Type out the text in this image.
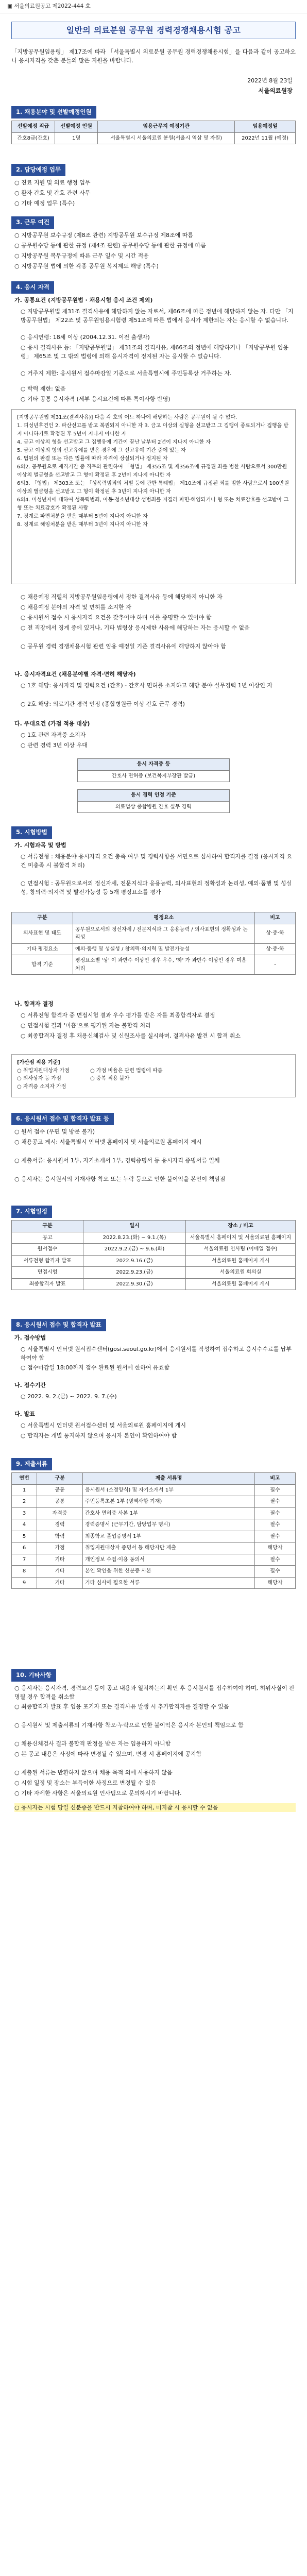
▣ 서울의료원공고 제2022-444 호
일반의 의료분원 공무원 경력경쟁채용시험 공고
「지방공무원임용령」 제17조에 따라 「서울특별시 의료분원 공무원 경력경쟁채용시험」을 다음과 같이 공고하오니 응시자격을 갖춘 분들의 많은 지원을 바랍니다.
2022년 8월 23일
서울의료원장
1. 채용분야 및 선발예정인원
선발예정 직급	선발예정 인원	임용근무지 예정기관	임용예정일
간호8급(간호)	1명	서울특별시 서울의료원 분원(서울시 역삼 및 자원)	2022년 11월 (예정)
2. 담당예정 업무
○ 진료 지원 및 의료 행정 업무
○ 환자 간호 및 간호 관련 사무
○ 기타 예정 업무 (특수)
3. 근무 여건
○ 지방공무원 보수규정 (제8조 관련) 지방공무원 보수규정 제8조에 따름
○ 공무원수당 등에 관한 규정 (제4조 관련) 공무원수당 등에 관한 규정에 따름
○ 지방공무원 복무규정에 따른 근무 일수 및 시간 적용
○ 지방공무원 법에 의한 각종 공무원 복지제도 해당 (특수)
4. 응시 자격
가. 공통요건 (지방공무원법 · 채용시험 응시 조건 제외)
○ 지방공무원법 제31조 결격사유에 해당하지 않는 자로서, 제66조에 따른 정년에 해당하지 않는 자. 다만 「지방공무원법」 제22조 및 공무원임용시험령 제51조에 따른 법에서 응시가 제한되는 자는 응시할 수 없습니다.
○ 응시연령: 18세 이상 (2004.12.31. 이전 출생자)
○ 응시 결격사유 등: 「지방공무원법」 제31조의 결격사유, 제66조의 정년에 해당하거나 「지방공무원 임용령」 제65조 및 그 밖의 법령에 의해 응시자격이 정지된 자는 응시할 수 없습니다.
○ 거주지 제한: 응시원서 접수마감일 기준으로 서울특별시에 주민등록상 거주하는 자.
○ 학력 제한: 없음
○ 기타 공통 응시자격 (세부 응시요건에 따른 특이사항 반영)
[지방공무원법 제31조(결격사유)] 다음 각 호의 어느 하나에 해당하는 사람은 공무원이 될 수 없다.
1. 피성년후견인 2. 파산선고를 받고 복권되지 아니한 자 3. 금고 이상의 실형을 선고받고 그 집행이 종료되거나 집행을 받지 아니하기로 확정된 후 5년이 지나지 아니한 자
4. 금고 이상의 형을 선고받고 그 집행유예 기간이 끝난 날부터 2년이 지나지 아니한 자
5. 금고 이상의 형의 선고유예를 받은 경우에 그 선고유예 기간 중에 있는 자
6. 법원의 판결 또는 다른 법률에 따라 자격이 상실되거나 정지된 자
6의2. 공무원으로 재직기간 중 직무와 관련하여 「형법」 제355조 및 제356조에 규정된 죄를 범한 사람으로서 300만원 이상의 벌금형을 선고받고 그 형이 확정된 후 2년이 지나지 아니한 자
6의3. 「형법」 제303조 또는 「성폭력범죄의 처벌 등에 관한 특례법」 제10조에 규정된 죄를 범한 사람으로서 100만원 이상의 벌금형을 선고받고 그 형이 확정된 후 3년이 지나지 아니한 자
6의4. 미성년자에 대하여 성폭력범죄, 아동·청소년대상 성범죄를 저질러 파면·해임되거나 형 또는 치료감호를 선고받아 그 형 또는 치료감호가 확정된 사람
7. 징계로 파면처분을 받은 때부터 5년이 지나지 아니한 자
8. 징계로 해임처분을 받은 때부터 3년이 지나지 아니한 자
○ 채용예정 직렬의 지방공무원임용령에서 정한 결격사유 등에 해당하지 아니한 자
○ 채용예정 분야의 자격 및 면허를 소지한 자
○ 응시원서 접수 시 응시자격 요건을 갖추어야 하며 이를 증명할 수 있어야 함
○ 전 직장에서 징계 중에 있거나, 기타 법령상 응시제한 사유에 해당하는 자는 응시할 수 없음
○ 공무원 경력 경쟁채용시험 관련 임용 예정일 기준 결격사유에 해당하지 않아야 함
나. 응시자격요건 (채용분야별 자격·면허 해당자)
○ 1호 해당: 응시자격 및 경력요건 (간호) - 간호사 면허를 소지하고 해당 분야 실무경력 1년 이상인 자
○ 2호 해당: 의료기관 경력 인정 (종합병원급 이상 간호 근무 경력)
다. 우대요건 (가점 적용 대상)
○ 1호 관련 자격증 소지자
○ 관련 경력 3년 이상 우대
응시 자격증 등
간호사 면허증 (보건복지부장관 발급)
응시 경력 인정 기준
의료법상 종합병원 간호 실무 경력
5. 시험방법
가. 시험과목 및 방법
○ 서류전형 : 채용분야 응시자격 요건 충족 여부 및 경력사항을 서면으로 심사하여 합격자를 결정 (응시자격 요건 미충족 시 불합격 처리)
○ 면접시험 : 공무원으로서의 정신자세, 전문지식과 응용능력, 의사표현의 정확성과 논리성, 예의·품행 및 성실성, 창의력·의지력 및 발전가능성 등 5개 평정요소를 평가
구분	평정요소	비고
의사표현 및 태도	공무원으로서의 정신자세 / 전문지식과 그 응용능력 / 의사표현의 정확성과 논리성	상·중·하
기타 평정요소	예의·품행 및 성실성 / 창의력·의지력 및 발전가능성	상·중·하
합격 기준	평정요소별 '상' 이 과반수 이상인 경우 우수, '하' 가 과반수 이상인 경우 미흡 처리	-
나. 합격자 결정
○ 서류전형 합격자 중 면접시험 결과 우수 평가를 받은 자를 최종합격자로 결정
○ 면접시험 결과 '미흡'으로 평가된 자는 불합격 처리
○ 최종합격자 결정 후 채용신체검사 및 신원조사를 실시하며, 결격사유 발견 시 합격 취소
[가산점 적용 기준]
○ 취업지원대상자 가점
○ 의사상자 등 가점
○ 자격증 소지자 가점
○ 가점 비율은 관련 법령에 따름
○ 중복 적용 불가
6. 응시원서 접수 및 합격자 발표 등
○ 원서 접수 (우편 및 방문 불가)
○ 채용공고 게시: 서울특별시 인터넷 홈페이지 및 서울의료원 홈페이지 게시
○ 제출서류: 응시원서 1부, 자기소개서 1부, 경력증명서 등 응시자격 증빙서류 일체
○ 응시자는 응시원서의 기재사항 착오 또는 누락 등으로 인한 불이익을 본인이 책임짐
7. 시험일정
구분	일시	장소 / 비고
공고	2022.8.23.(화) ~ 9.1.(목)	서울특별시 홈페이지 및 서울의료원 홈페이지
원서접수	2022.9.2.(금) ~ 9.6.(화)	서울의료원 인사팀 (이메일 접수)
서류전형 합격자 발표	2022.9.16.(금)	서울의료원 홈페이지 게시
면접시험	2022.9.23.(금)	서울의료원 회의실
최종합격자 발표	2022.9.30.(금)	서울의료원 홈페이지 게시
8. 응시원서 접수 및 합격자 발표
가. 접수방법
○ 서울특별시 인터넷 원서접수센터(gosi.seoul.go.kr)에서 응시원서를 작성하여 접수하고 응시수수료를 납부하여야 함
○ 접수마감일 18:00까지 접수 완료된 원서에 한하여 유효함
나. 접수기간
○ 2022. 9. 2.(금) ~ 2022. 9. 7.(수)
다. 발표
○ 서울특별시 인터넷 원서접수센터 및 서울의료원 홈페이지에 게시
○ 합격자는 개별 통지하지 않으며 응시자 본인이 확인하여야 함
9. 제출서류
연번	구분	제출 서류명	비고
1	공통	응시원서 (소정양식) 및 자기소개서 1부	필수
2	공통	주민등록초본 1부 (병역사항 기재)	필수
3	자격증	간호사 면허증 사본 1부	필수
4	경력	경력증명서 (근무기간, 담당업무 명시)	필수
5	학력	최종학교 졸업증명서 1부	필수
6	가점	취업지원대상자 증명서 등 해당자만 제출	해당자
7	기타	개인정보 수집·이용 동의서	필수
8	기타	본인 확인을 위한 신분증 사본	필수
9	기타	기타 심사에 필요한 서류	해당자
10. 기타사항
○ 응시자는 응시자격, 경력요건 등이 공고 내용과 일치하는지 확인 후 응시원서를 접수하여야 하며, 허위사실이 판명될 경우 합격을 취소함
○ 최종합격자 발표 후 임용 포기자 또는 결격사유 발생 시 추가합격자를 결정할 수 있음
○ 응시원서 및 제출서류의 기재사항 착오·누락으로 인한 불이익은 응시자 본인의 책임으로 함
○ 채용신체검사 결과 불합격 판정을 받은 자는 임용하지 아니함
○ 본 공고 내용은 사정에 따라 변경될 수 있으며, 변경 시 홈페이지에 공지함
○ 제출된 서류는 반환하지 않으며 채용 목적 외에 사용하지 않음
○ 시험 일정 및 장소는 부득이한 사정으로 변경될 수 있음
○ 기타 자세한 사항은 서울의료원 인사팀으로 문의하시기 바랍니다.
○ 응시자는 시험 당일 신분증을 반드시 지참하여야 하며, 미지참 시 응시할 수 없음
